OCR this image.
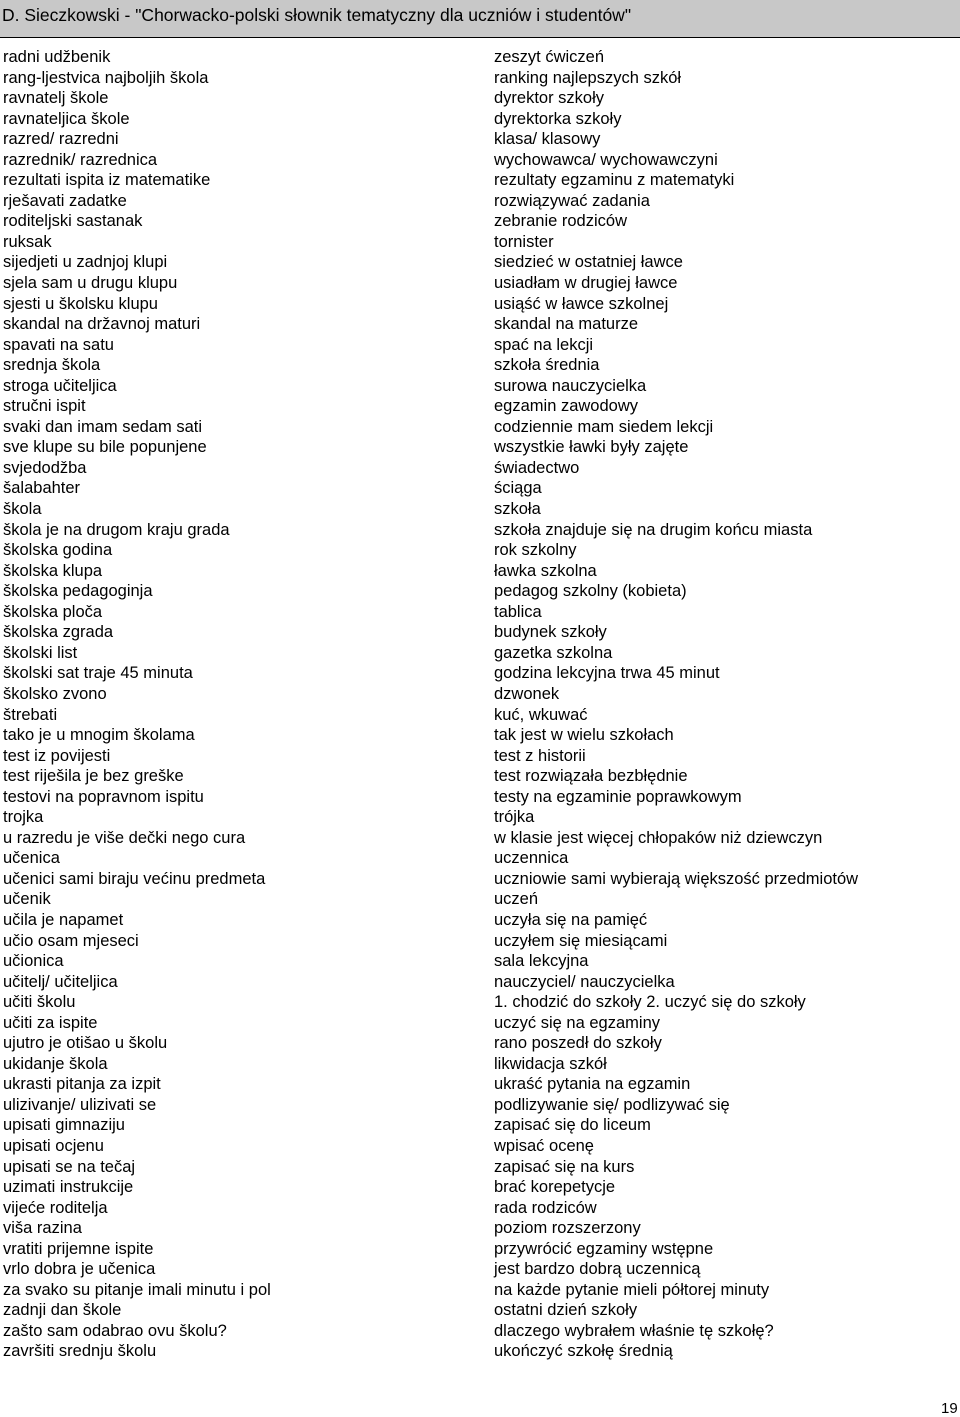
D. Sieczkowski - "Chorwacko-polski słownik tematyczny dla uczniów i studentów"
radni udžbenik
rang-ljestvica najboljih škola
ravnatelj škole
ravnateljica škole
razred/ razredni
razrednik/ razrednica
rezultati ispita iz matematike
rješavati zadatke
roditeljski sastanak
ruksak
sijedjeti u zadnjoj klupi
sjela sam u drugu klupu
sjesti u školsku klupu
skandal na državnoj maturi
spavati na satu
srednja škola
stroga učiteljica
stručni ispit
svaki dan imam sedam sati
sve klupe su bile popunjene
svjedodžba
šalabahter
škola
škola je na drugom kraju grada
školska godina
školska klupa
školska pedagoginja
školska ploča
školska zgrada
školski list
školski sat traje 45 minuta
školsko zvono
štrebati
tako je u mnogim školama
test iz povijesti
test riješila je bez greške
testovi na popravnom ispitu
trojka
u razredu je više dečki nego cura
učenica
učenici sami biraju većinu predmeta
učenik
učila je napamet
učio osam mjeseci
učionica
učitelj/ učiteljica
učiti školu
učiti za ispite
ujutro je otišao u školu
ukidanje škola
ukrasti pitanja za izpit
ulizivanje/ ulizivati se
upisati gimnaziju
upisati ocjenu
upisati se na tečaj
uzimati instrukcije
vijeće roditelja
viša razina
vratiti prijemne ispite
vrlo dobra je učenica
za svako su pitanje imali minutu i pol
zadnji dan škole
zašto sam odabrao ovu školu?
završiti srednju školu
zeszyt ćwiczeń
ranking najlepszych szkół
dyrektor szkoły
dyrektorka szkoły
klasa/ klasowy
wychowawca/ wychowawczyni
rezultaty egzaminu z matematyki
rozwiązywać zadania
zebranie rodziców
tornister
siedzieć w ostatniej ławce
usiadłam w drugiej ławce
usiąść w ławce szkolnej
skandal na maturze
spać na lekcji
szkoła średnia
surowa nauczycielka
egzamin zawodowy
codziennie mam siedem lekcji
wszystkie ławki były zajęte
świadectwo
ściąga
szkoła
szkoła znajduje się na drugim końcu miasta
rok szkolny
ławka szkolna
pedagog szkolny (kobieta)
tablica
budynek szkoły
gazetka szkolna
godzina lekcyjna trwa 45 minut
dzwonek
kuć, wkuwać
tak jest w wielu szkołach
test z historii
test rozwiązała bezbłędnie
testy na egzaminie poprawkowym
trójka
w klasie jest więcej chłopaków niż dziewczyn
uczennica
uczniowie sami wybierają większość przedmiotów
uczeń
uczyła się na pamięć
uczyłem się miesiącami
sala lekcyjna
nauczyciel/ nauczycielka
1. chodzić do szkoły 2. uczyć się do szkoły
uczyć się na egzaminy
rano poszedł do szkoły
likwidacja szkół
ukraść pytania na egzamin
podlizywanie się/ podlizywać się
zapisać się do liceum
wpisać ocenę
zapisać się na kurs
brać korepetycje
rada rodziców
poziom rozszerzony
przywrócić egzaminy wstępne
jest bardzo dobrą uczennicą
na każde pytanie mieli półtorej minuty
ostatni dzień szkoły
dlaczego wybrałem właśnie tę szkołę?
ukończyć szkołę średnią
19
